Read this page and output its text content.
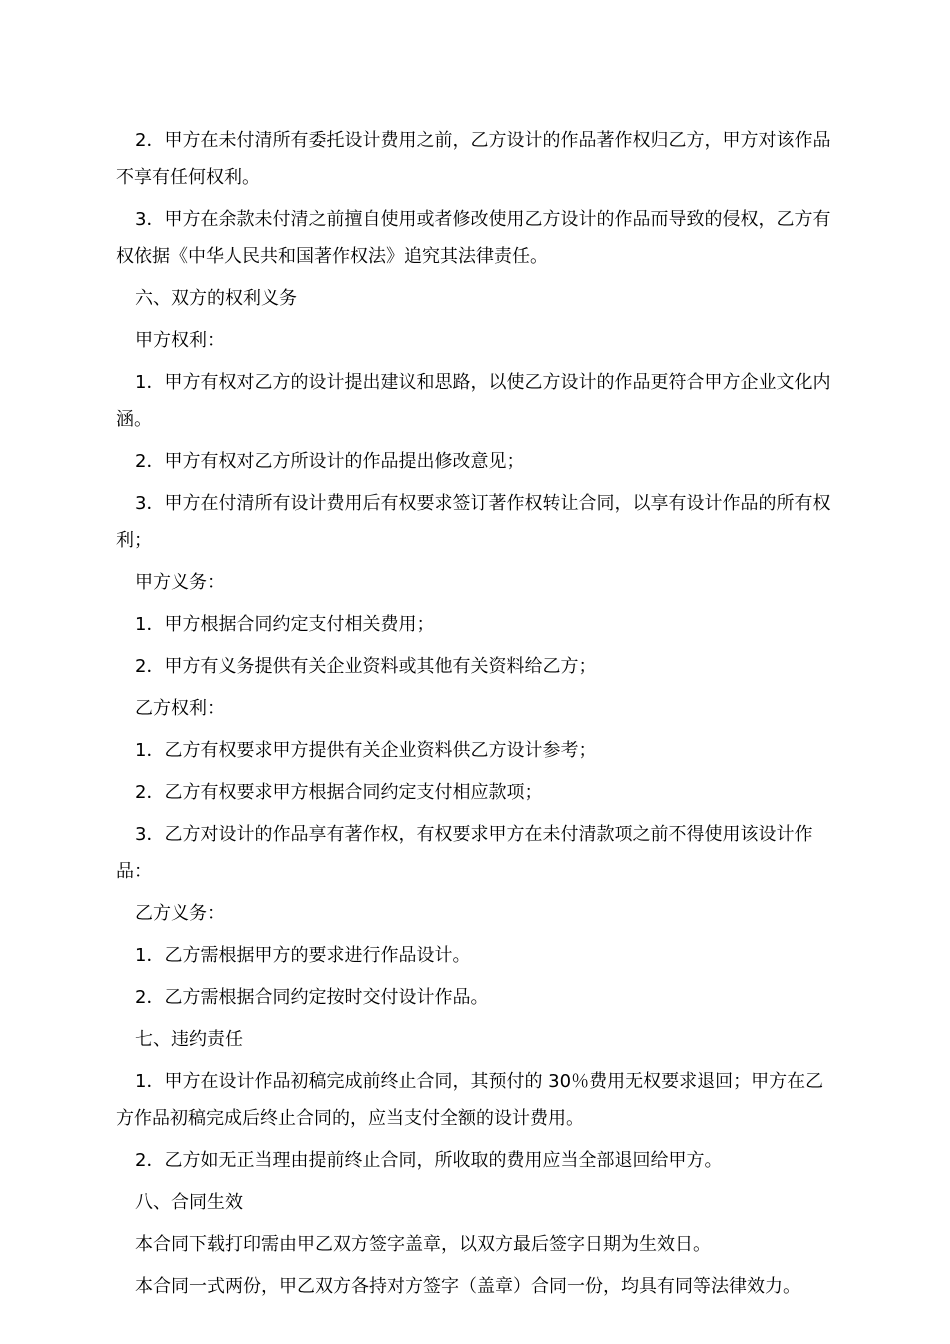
2．甲方在未付清所有委托设计费用之前，乙方设计的作品著作权归乙方，甲方对该作品不享有任何权利。

3．甲方在余款未付清之前擅自使用或者修改使用乙方设计的作品而导致的侵权，乙方有权依据《中华人民共和国著作权法》追究其法律责任。

六、双方的权利义务

甲方权利：

1．甲方有权对乙方的设计提出建议和思路，以使乙方设计的作品更符合甲方企业文化内涵。

2．甲方有权对乙方所设计的作品提出修改意见；

3．甲方在付清所有设计费用后有权要求签订著作权转让合同，以享有设计作品的所有权利；

甲方义务：

1．甲方根据合同约定支付相关费用；

2．甲方有义务提供有关企业资料或其他有关资料给乙方；

乙方权利：

1．乙方有权要求甲方提供有关企业资料供乙方设计参考；

2．乙方有权要求甲方根据合同约定支付相应款项；

3．乙方对设计的作品享有著作权，有权要求甲方在未付清款项之前不得使用该设计作品：

乙方义务：

1．乙方需根据甲方的要求进行作品设计。

2．乙方需根据合同约定按时交付设计作品。

七、违约责任

1．甲方在设计作品初稿完成前终止合同，其预付的 30％费用无权要求退回；甲方在乙方作品初稿完成后终止合同的，应当支付全额的设计费用。

2．乙方如无正当理由提前终止合同，所收取的费用应当全部退回给甲方。

八、合同生效

本合同下载打印需由甲乙双方签字盖章，以双方最后签字日期为生效日。

本合同一式两份，甲乙双方各持对方签字（盖章）合同一份，均具有同等法律效力。
